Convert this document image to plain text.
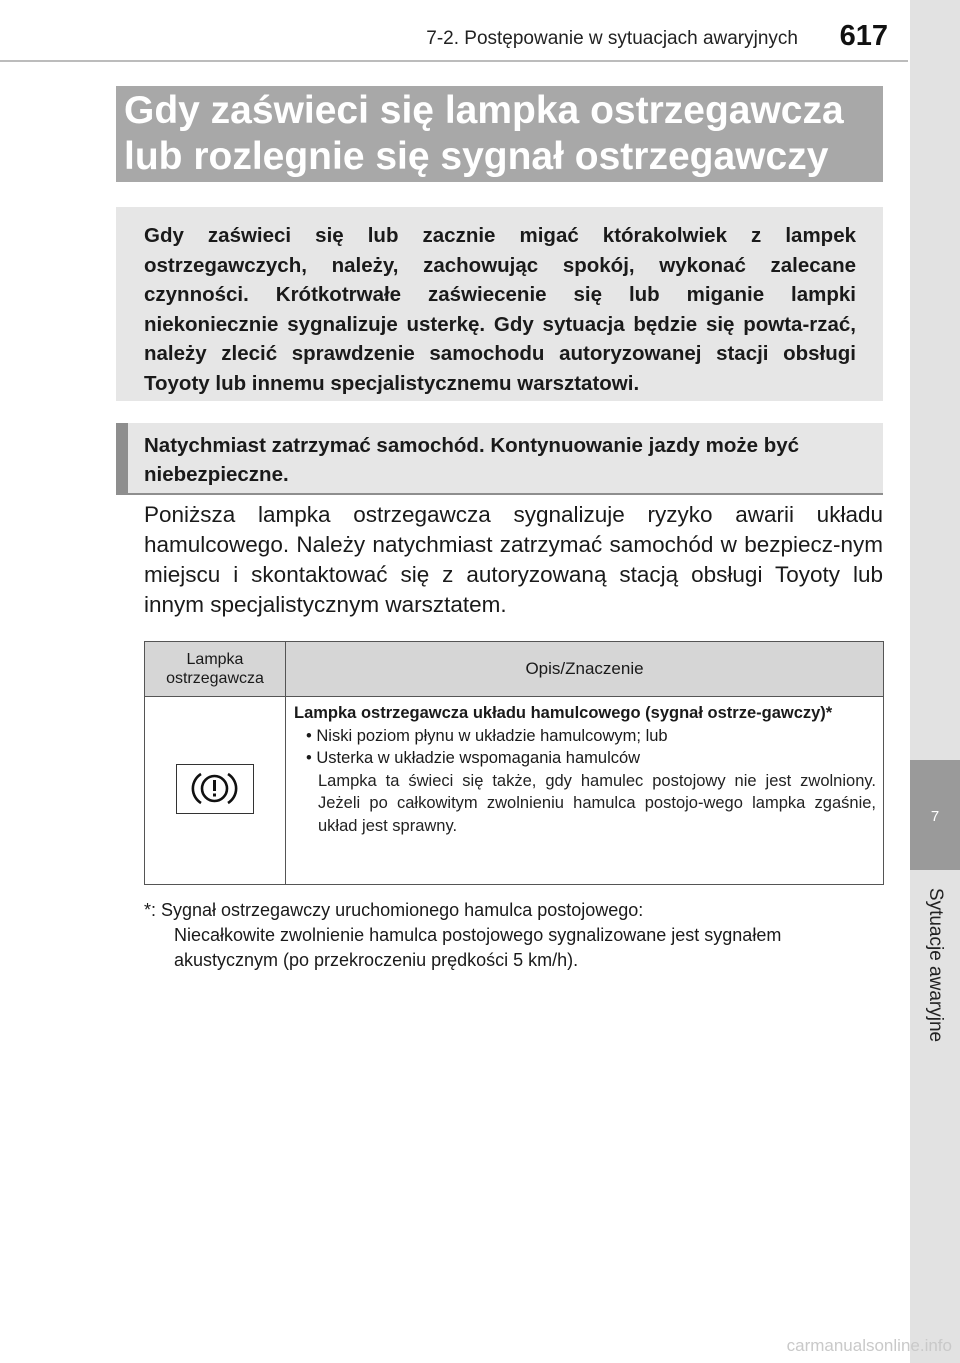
7-2. Postępowanie w sytuacjach awaryjnych 617
7
Sytuacje awaryjne
Gdy zaświeci się lampka ostrzegawcza
lub rozlegnie się sygnał ostrzegawczy
Gdy zaświeci się lub zacznie migać którakolwiek z lampek ostrzegawczych, należy, zachowując spokój, wykonać zalecane czynności. Krótkotrwałe zaświecenie się lub miganie lampki niekoniecznie sygnalizuje usterkę. Gdy sytuacja będzie się powta-rzać, należy zlecić sprawdzenie samochodu autoryzowanej stacji obsługi Toyoty lub innemu specjalistycznemu warsztatowi.
Natychmiast zatrzymać samochód. Kontynuowanie jazdy może być niebezpieczne.
Poniższa lampka ostrzegawcza sygnalizuje ryzyko awarii układu hamulcowego. Należy natychmiast zatrzymać samochód w bezpiecz-nym miejscu i skontaktować się z autoryzowaną stacją obsługi Toyoty lub innym specjalistycznym warsztatem.
Lampka
ostrzegawcza
Opis/Znaczenie
Lampka ostrzegawcza układu hamulcowego (sygnał ostrze-gawczy)*
• Niski poziom płynu w układzie hamulcowym; lub
• Usterka w układzie wspomagania hamulców
Lampka ta świeci się także, gdy hamulec postojowy nie jest zwolniony. Jeżeli po całkowitym zwolnieniu hamulca postojo-wego lampka zgaśnie, układ jest sprawny.
*: Sygnał ostrzegawczy uruchomionego hamulca postojowego:
Niecałkowite zwolnienie hamulca postojowego sygnalizowane jest sygnałem akustycznym (po przekroczeniu prędkości 5 km/h).
carmanualsonline.info
